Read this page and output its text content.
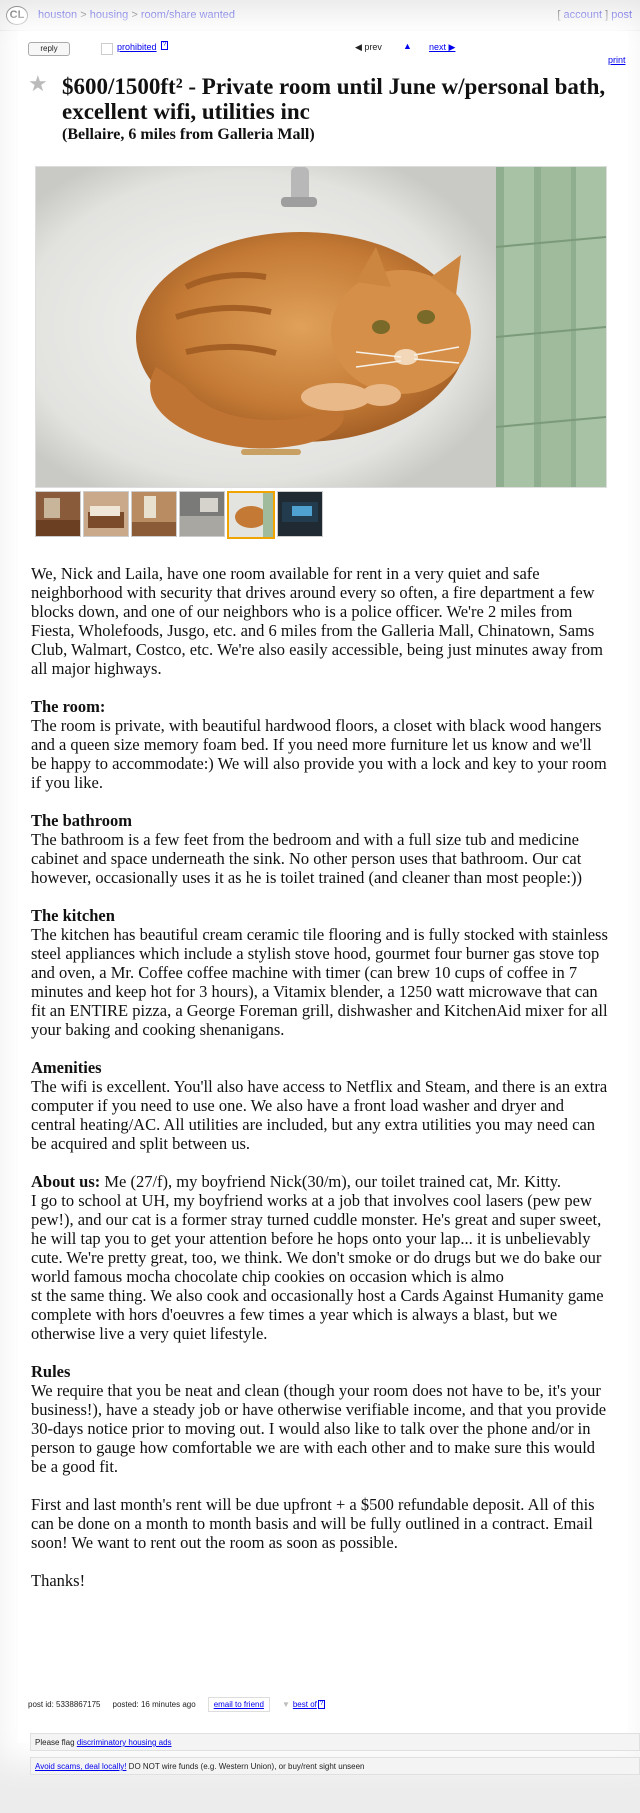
CL	houston > housing > room/share wanted	[ account ] post
reply	prohibited	?	◀ prev ▲ next ▶
print
★ $600/1500ft² - Private room until June w/personal bath, excellent wifi, utilities inc
(Bellaire, 6 miles from Galleria Mall)

We, Nick and Laila, have one room available for rent in a very quiet and safe neighborhood with security that drives around every so often, a fire department a few blocks down, and one of our neighbors who is a police officer. We're 2 miles from Fiesta, Wholefoods, Jusgo, etc. and 6 miles from the Galleria Mall, Chinatown, Sams Club, Walmart, Costco, etc. We're also easily accessible, being just minutes away from all major highways.

The room:
The room is private, with beautiful hardwood floors, a closet with black wood hangers and a queen size memory foam bed. If you need more furniture let us know and we'll be happy to accommodate:) We will also provide you with a lock and key to your room if you like.

The bathroom
The bathroom is a few feet from the bedroom and with a full size tub and medicine cabinet and space underneath the sink. No other person uses that bathroom. Our cat however, occasionally uses it as he is toilet trained (and cleaner than most people:))

The kitchen
The kitchen has beautiful cream ceramic tile flooring and is fully stocked with stainless steel appliances which include a stylish stove hood, gourmet four burner gas stove top and oven, a Mr. Coffee coffee machine with timer (can brew 10 cups of coffee in 7 minutes and keep hot for 3 hours), a Vitamix blender, a 1250 watt microwave that can fit an ENTIRE pizza, a George Foreman grill, dishwasher and KitchenAid mixer for all your baking and cooking shenanigans.

Amenities
The wifi is excellent. You'll also have access to Netflix and Steam, and there is an extra computer if you need to use one. We also have a front load washer and dryer and central heating/AC. All utilities are included, but any extra utilities you may need can be acquired and split between us.

About us: Me (27/f), my boyfriend Nick(30/m), our toilet trained cat, Mr. Kitty.
I go to school at UH, my boyfriend works at a job that involves cool lasers (pew pew pew!), and our cat is a former stray turned cuddle monster. He's great and super sweet, he will tap you to get your attention before he hops onto your lap... it is unbelievably cute. We're pretty great, too, we think. We don't smoke or do drugs but we do bake our world famous mocha chocolate chip cookies on occasion which is almo
st the same thing. We also cook and occasionally host a Cards Against Humanity game complete with hors d'oeuvres a few times a year which is always a blast, but we otherwise live a very quiet lifestyle.

Rules
We require that you be neat and clean (though your room does not have to be, it's your business!), have a steady job or have otherwise verifiable income, and that you provide 30-days notice prior to moving out. I would also like to talk over the phone and/or in person to gauge how comfortable we are with each other and to make sure this would be a good fit.

First and last month's rent will be due upfront + a $500 refundable deposit. All of this can be done on a month to month basis and will be fully outlined in a contract. Email soon! We want to rent out the room as soon as possible.

Thanks!

post id: 5338867175 posted: 16 minutes ago	email to friend	▼ best of ?
Please flag discriminatory housing ads
Avoid scams, deal locally! DO NOT wire funds (e.g. Western Union), or buy/rent sight unseen
